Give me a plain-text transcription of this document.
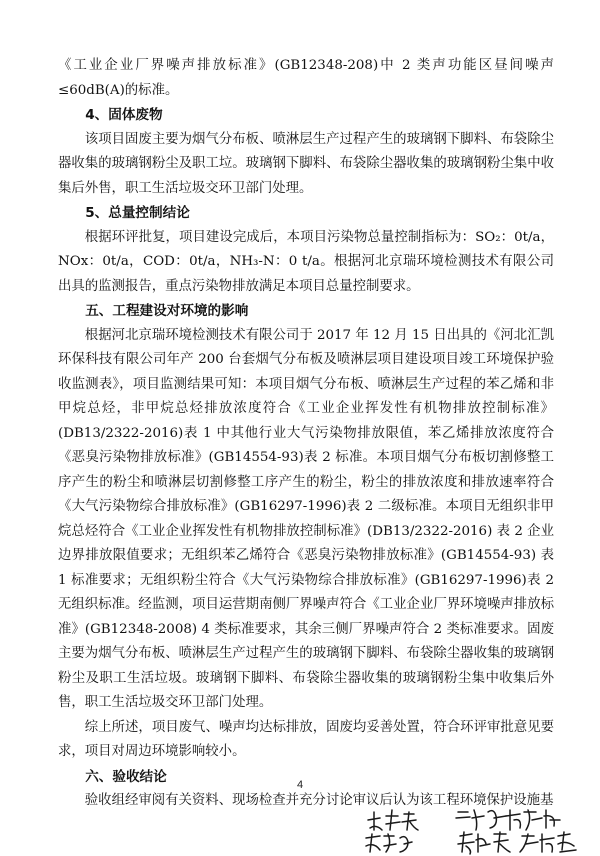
《工业企业厂界噪声排放标准》(GB12348-208)中 2 类声功能区昼间噪声≤60dB(A)的标准。

4、固体废物

该项目固废主要为烟气分布板、喷淋层生产过程产生的玻璃钢下脚料、布袋除尘器收集的玻璃钢粉尘及职工垃。玻璃钢下脚料、布袋除尘器收集的玻璃钢粉尘集中收集后外售，职工生活垃圾交环卫部门处理。

5、总量控制结论

根据环评批复，项目建设完成后，本项目污染物总量控制指标为：SO₂：0t/a，NOx：0t/a，COD：0t/a，NH₃-N：0 t/a。根据河北京瑞环境检测技术有限公司出具的监测报告，重点污染物排放满足本项目总量控制要求。

五、工程建设对环境的影响

根据河北京瑞环境检测技术有限公司于 2017 年 12 月 15 日出具的《河北汇凯环保科技有限公司年产 200 台套烟气分布板及喷淋层项目建设项目竣工环境保护验收监测表》，项目监测结果可知：本项目烟气分布板、喷淋层生产过程的苯乙烯和非甲烷总烃，非甲烷总烃排放浓度符合《工业企业挥发性有机物排放控制标准》(DB13/2322-2016)表 1 中其他行业大气污染物排放限值，苯乙烯排放浓度符合《恶臭污染物排放标准》(GB14554-93)表 2 标准。本项目烟气分布板切割修整工序产生的粉尘和喷淋层切割修整工序产生的粉尘，粉尘的排放浓度和排放速率符合《大气污染物综合排放标准》(GB16297-1996)表 2 二级标准。本项目无组织非甲烷总烃符合《工业企业挥发性有机物排放控制标准》(DB13/2322-2016) 表 2 企业边界排放限值要求；无组织苯乙烯符合《恶臭污染物排放标准》(GB14554-93) 表 1 标准要求；无组织粉尘符合《大气污染物综合排放标准》(GB16297-1996)表 2 无组织标准。经监测，项目运营期南侧厂界噪声符合《工业企业厂界环境噪声排放标准》(GB12348-2008) 4 类标准要求，其余三侧厂界噪声符合 2 类标准要求。固废主要为烟气分布板、喷淋层生产过程产生的玻璃钢下脚料、布袋除尘器收集的玻璃钢粉尘及职工生活垃圾。玻璃钢下脚料、布袋除尘器收集的玻璃钢粉尘集中收集后外售，职工生活垃圾交环卫部门处理。

综上所述，项目废气、噪声均达标排放，固废均妥善处置，符合环评审批意见要求，项目对周边环境影响较小。

六、验收结论

验收组经审阅有关资料、现场检查并充分讨论审议后认为该工程环境保护设施基

4
